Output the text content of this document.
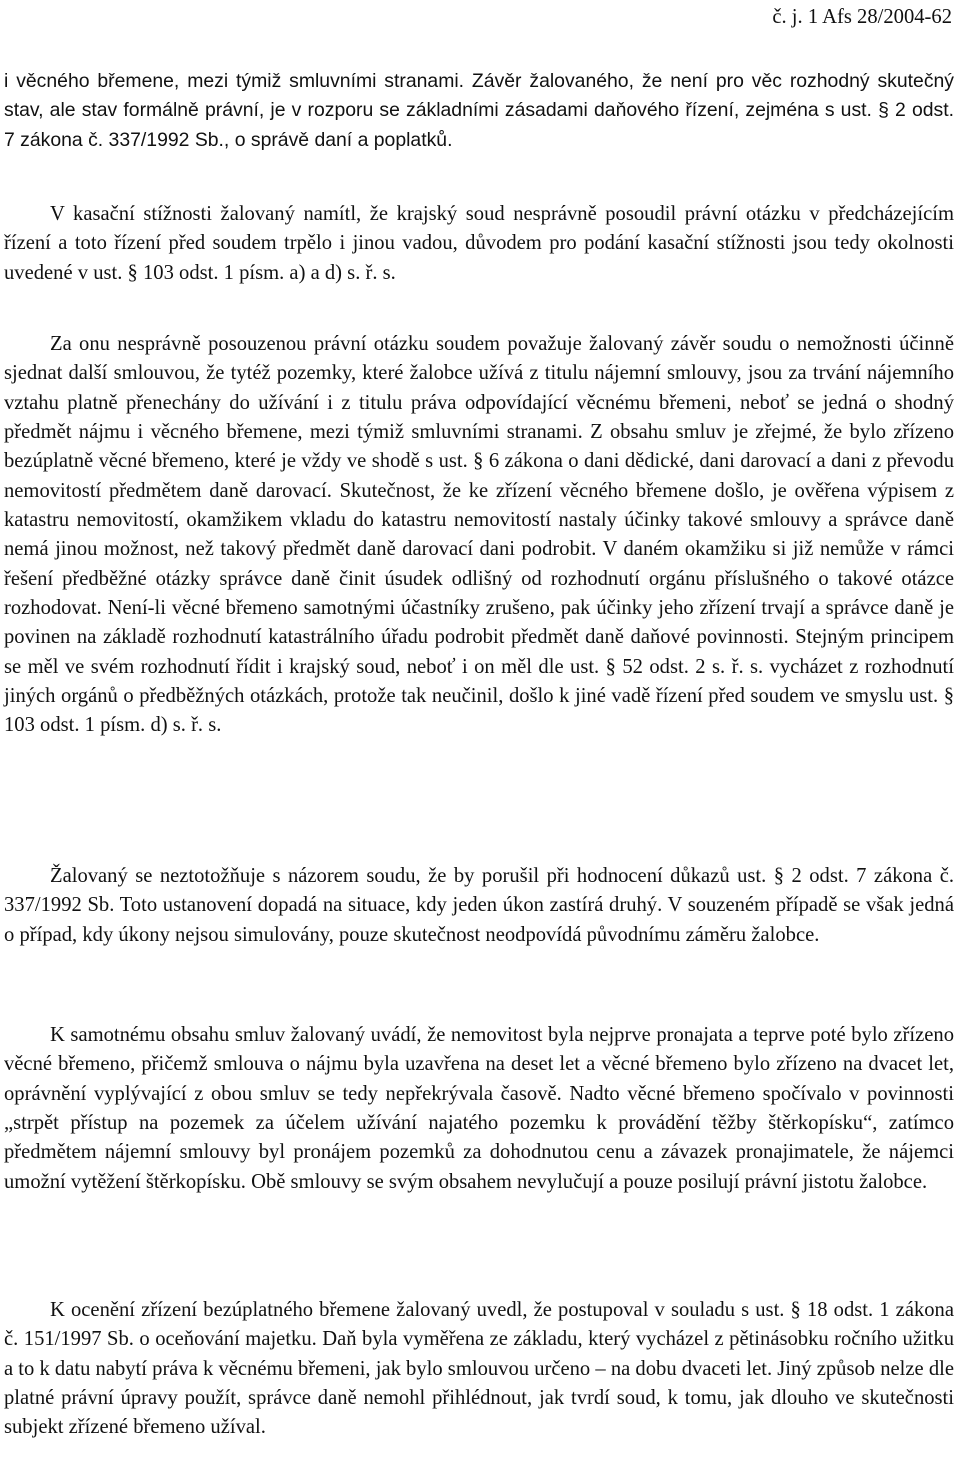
č. j. 1 Afs 28/2004-62

i věcného břemene, mezi týmiž smluvními stranami. Závěr žalovaného, že není pro věc rozhodný skutečný stav, ale stav formálně právní, je v rozporu se základními zásadami daňového řízení, zejména s ust. § 2 odst. 7 zákona č. 337/1992 Sb., o správě daní a poplatků.

V kasační stížnosti žalovaný namítl, že krajský soud nesprávně posoudil právní otázku v předcházejícím řízení a toto řízení před soudem trpělo i jinou vadou, důvodem pro podání kasační stížnosti jsou tedy okolnosti uvedené v ust. § 103 odst. 1 písm. a) a d) s. ř. s.

Za onu nesprávně posouzenou právní otázku soudem považuje žalovaný závěr soudu o nemožnosti účinně sjednat další smlouvou, že tytéž pozemky, které žalobce užívá z titulu nájemní smlouvy, jsou za trvání nájemního vztahu platně přenechány do užívání i z titulu práva odpovídající věcnému břemeni, neboť se jedná o shodný předmět nájmu i věcného břemene, mezi týmiž smluvními stranami. Z obsahu smluv je zřejmé, že bylo zřízeno bezúplatně věcné břemeno, které je vždy ve shodě s ust. § 6 zákona o dani dědické, dani darovací a dani z převodu nemovitostí předmětem daně darovací. Skutečnost, že ke zřízení věcného břemene došlo, je ověřena výpisem z katastru nemovitostí, okamžikem vkladu do katastru nemovitostí nastaly účinky takové smlouvy a správce daně nemá jinou možnost, než takový předmět daně darovací dani podrobit. V daném okamžiku si již nemůže v rámci řešení předběžné otázky správce daně činit úsudek odlišný od rozhodnutí orgánu příslušného o takové otázce rozhodovat. Není-li věcné břemeno samotnými účastníky zrušeno, pak účinky jeho zřízení trvají a správce daně je povinen na základě rozhodnutí katastrálního úřadu podrobit předmět daně daňové povinnosti. Stejným principem se měl ve svém rozhodnutí řídit i krajský soud, neboť i on měl dle ust. § 52 odst. 2 s. ř. s. vycházet z rozhodnutí jiných orgánů o předběžných otázkách, protože tak neučinil, došlo k jiné vadě řízení před soudem ve smyslu ust. § 103 odst. 1 písm. d) s. ř. s.

Žalovaný se neztotožňuje s názorem soudu, že by porušil při hodnocení důkazů ust. § 2 odst. 7 zákona č. 337/1992 Sb. Toto ustanovení dopadá na situace, kdy jeden úkon zastírá druhý. V souzeném případě se však jedná o případ, kdy úkony nejsou simulovány, pouze skutečnost neodpovídá původnímu záměru žalobce.

K samotnému obsahu smluv žalovaný uvádí, že nemovitost byla nejprve pronajata a teprve poté bylo zřízeno věcné břemeno, přičemž smlouva o nájmu byla uzavřena na deset let a věcné břemeno bylo zřízeno na dvacet let, oprávnění vyplývající z obou smluv se tedy nepřekrývala časově. Nadto věcné břemeno spočívalo v povinnosti „strpět přístup na pozemek za účelem užívání najatého pozemku k provádění těžby štěrkopísku“, zatímco předmětem nájemní smlouvy byl pronájem pozemků za dohodnutou cenu a závazek pronajimatele, že nájemci umožní vytěžení štěrkopísku. Obě smlouvy se svým obsahem nevylučují a pouze posilují právní jistotu žalobce.

K ocenění zřízení bezúplatného břemene žalovaný uvedl, že postupoval v souladu s ust. § 18 odst. 1 zákona č. 151/1997 Sb. o oceňování majetku. Daň byla vyměřena ze základu, který vycházel z pětinásobku ročního užitku a to k datu nabytí práva k věcnému břemeni, jak bylo smlouvou určeno – na dobu dvaceti let. Jiný způsob nelze dle platné právní úpravy použít, správce daně nemohl přihlédnout, jak tvrdí soud, k tomu, jak dlouho ve skutečnosti subjekt zřízené břemeno užíval.
